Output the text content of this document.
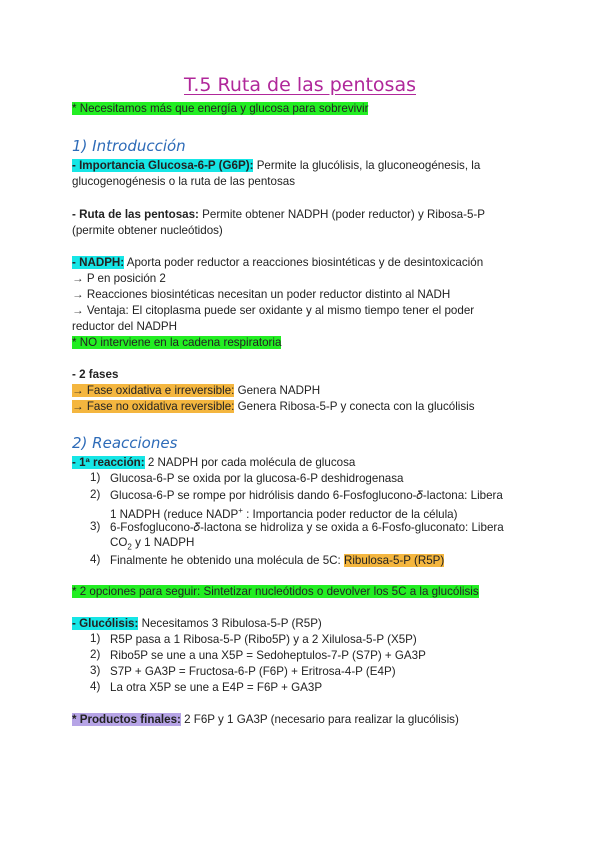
T.5 Ruta de las pentosas
* Necesitamos más que energía y glucosa para sobrevivir
1) Introducción
- Importancia Glucosa-6-P (G6P): Permite la glucólisis, la gluconeogénesis, la
glucogenogénesis o la ruta de las pentosas
- Ruta de las pentosas: Permite obtener NADPH (poder reductor) y Ribosa-5-P
(permite obtener nucleótidos)
- NADPH: Aporta poder reductor a reacciones biosintéticas y de desintoxicación
→ P en posición 2
→ Reacciones biosintéticas necesitan un poder reductor distinto al NADH
→ Ventaja: El citoplasma puede ser oxidante y al mismo tiempo tener el poder
reductor del NADPH
* NO interviene en la cadena respiratoria
- 2 fases
→ Fase oxidativa e irreversible: Genera NADPH
→ Fase no oxidativa reversible: Genera Ribosa-5-P y conecta con la glucólisis
2) Reacciones
- 1ª reacción: 2 NADPH por cada molécula de glucosa
1) Glucosa-6-P se oxida por la glucosa-6-P deshidrogenasa
2) Glucosa-6-P se rompe por hidrólisis dando 6-Fosfoglucono-𝛿-lactona: Libera
1 NADPH (reduce NADP+ : Importancia poder reductor de la célula)
3) 6-Fosfoglucono-𝛿-lactona se hidroliza y se oxida a 6-Fosfo-gluconato: Libera
$CO_2$ y 1 NADPH
4) Finalmente he obtenido una molécula de 5C: Ribulosa-5-P (R5P)
* 2 opciones para seguir: Sintetizar nucleótidos o devolver los 5C a la glucólisis
- Glucólisis: Necesitamos 3 Ribulosa-5-P (R5P)
1) R5P pasa a 1 Ribosa-5-P (Ribo5P) y a 2 Xilulosa-5-P (X5P)
2) Ribo5P se une a una X5P = Sedoheptulos-7-P (S7P) + GA3P
3) S7P + GA3P = Fructosa-6-P (F6P) + Eritrosa-4-P (E4P)
4) La otra X5P se une a E4P = F6P + GA3P
* Productos finales: 2 F6P y 1 GA3P (necesario para realizar la glucólisis)
